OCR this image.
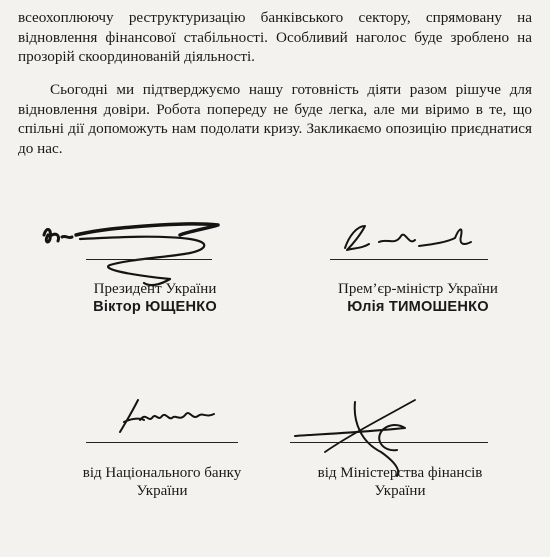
всеохоплюючу реструктуризацію банківського сектору, спрямовану на відновлення фінансової стабільності. Особливий наголос буде зроблено на прозорій скоординованій діяльності.
Сьогодні ми підтверджуємо нашу готовність діяти разом рішуче для відновлення довіри. Робота попереду не буде легка, але ми віримо в те, що спільні дії допоможуть нам подолати кризу. Закликаємо опозицію приєднатися до нас.
Президент України
Віктор ЮЩЕНКО
Прем’єр-міністр України
Юлія ТИМОШЕНКО
від Національного банку
України
від Міністерства фінансів
України
